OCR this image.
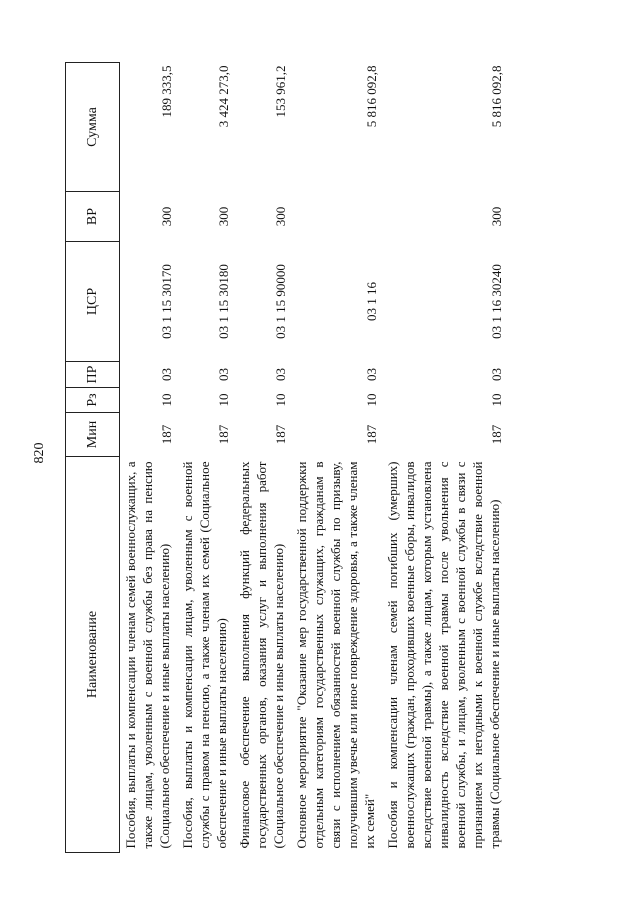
820
Наименование	Мин	Рз	ПР	ЦСР	ВР	Сумма
Пособия, выплаты и компенсации членам семей военнослужащих, а также лицам, уволенным с военной службы без права на пенсию (Социальное обеспечение и иные выплаты населению)	187	10	03	03 1 15 30170	300	189 333,5
Пособия, выплаты и компенсации лицам, уволенным с военной службы с правом на пенсию, а также членам их семей (Социальное обеспечение и иные выплаты населению)	187	10	03	03 1 15 30180	300	3 424 273,0
Финансовое обеспечение выполнения функций федеральных государственных органов, оказания услуг и выполнения работ (Социальное обеспечение и иные выплаты населению)	187	10	03	03 1 15 90000	300	153 961,2
Основное мероприятие "Оказание мер государственной поддержки отдельным категориям государственных служащих, гражданам в связи с исполнением обязанностей военной службы по призыву, получившим увечье или иное повреждение здоровья, а также членам их семей"	187	10	03	03 1 16		5 816 092,8
Пособия и компенсации членам семей погибших (умерших) военнослужащих (граждан, проходивших военные сборы, инвалидов вследствие военной травмы), а также лицам, которым установлена инвалидность вследствие военной травмы после увольнения с военной службы, и лицам, уволенным с военной службы в связи с признанием их негодными к военной службе вследствие военной травмы (Социальное обеспечение и иные выплаты населению)	187	10	03	03 1 16 30240	300	5 816 092,8
